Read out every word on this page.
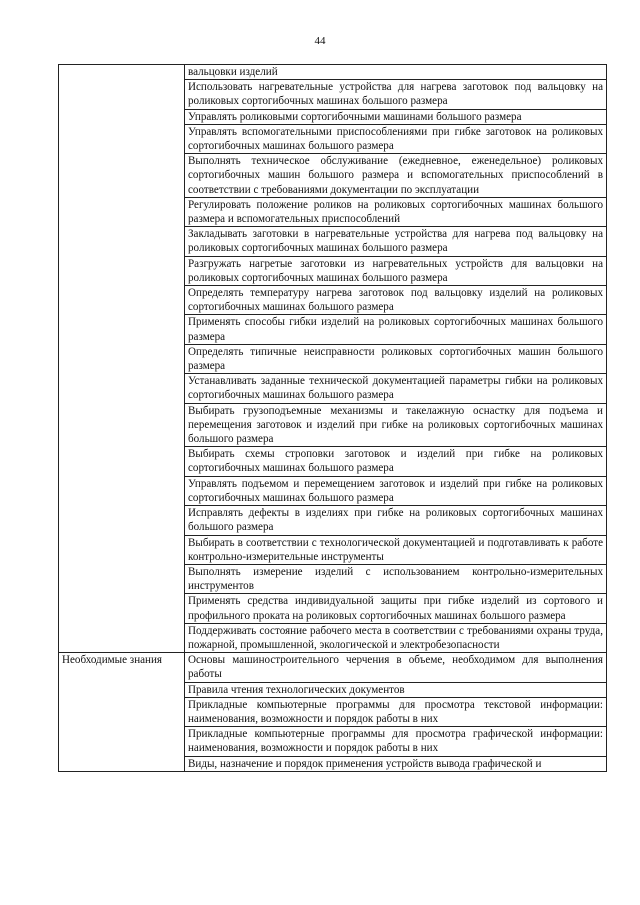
44
	вальцовки изделий
	Использовать нагревательные устройства для нагрева заготовок под вальцовку на роликовых сортогибочных машинах большого размера
	Управлять роликовыми сортогибочными машинами большого размера
	Управлять вспомогательными приспособлениями при гибке заготовок на роликовых сортогибочных машинах большого размера
	Выполнять техническое обслуживание (ежедневное, еженедельное) роликовых сортогибочных машин большого размера и вспомогательных приспособлений в соответствии с требованиями документации по эксплуатации
	Регулировать положение роликов на роликовых сортогибочных машинах большого размера и вспомогательных приспособлений
	Закладывать заготовки в нагревательные устройства для нагрева под вальцовку на роликовых сортогибочных машинах большого размера
	Разгружать нагретые заготовки из нагревательных устройств для вальцовки на роликовых сортогибочных машинах большого размера
	Определять температуру нагрева заготовок под вальцовку изделий на роликовых сортогибочных машинах большого размера
	Применять способы гибки изделий на роликовых сортогибочных машинах большого размера
	Определять типичные неисправности роликовых сортогибочных машин большого размера
	Устанавливать заданные технической документацией параметры гибки на роликовых сортогибочных машинах большого размера
	Выбирать грузоподъемные механизмы и такелажную оснастку для подъема и перемещения заготовок и изделий при гибке на роликовых сортогибочных машинах большого размера
	Выбирать схемы строповки заготовок и изделий при гибке на роликовых сортогибочных машинах большого размера
	Управлять подъемом и перемещением заготовок и изделий при гибке на роликовых сортогибочных машинах большого размера
	Исправлять дефекты в изделиях при гибке на роликовых сортогибочных машинах большого размера
	Выбирать в соответствии с технологической документацией и подготавливать к работе контрольно-измерительные инструменты
	Выполнять измерение изделий с использованием контрольно-измерительных инструментов
	Применять средства индивидуальной защиты при гибке изделий из сортового и профильного проката на роликовых сортогибочных машинах большого размера
	Поддерживать состояние рабочего места в соответствии с требованиями охраны труда, пожарной, промышленной, экологической и электробезопасности
Необходимые знания	Основы машиностроительного черчения в объеме, необходимом для выполнения работы
	Правила чтения технологических документов
	Прикладные компьютерные программы для просмотра текстовой информации: наименования, возможности и порядок работы в них
	Прикладные компьютерные программы для просмотра графической информации: наименования, возможности и порядок работы в них
	Виды, назначение и порядок применения устройств вывода графической и
